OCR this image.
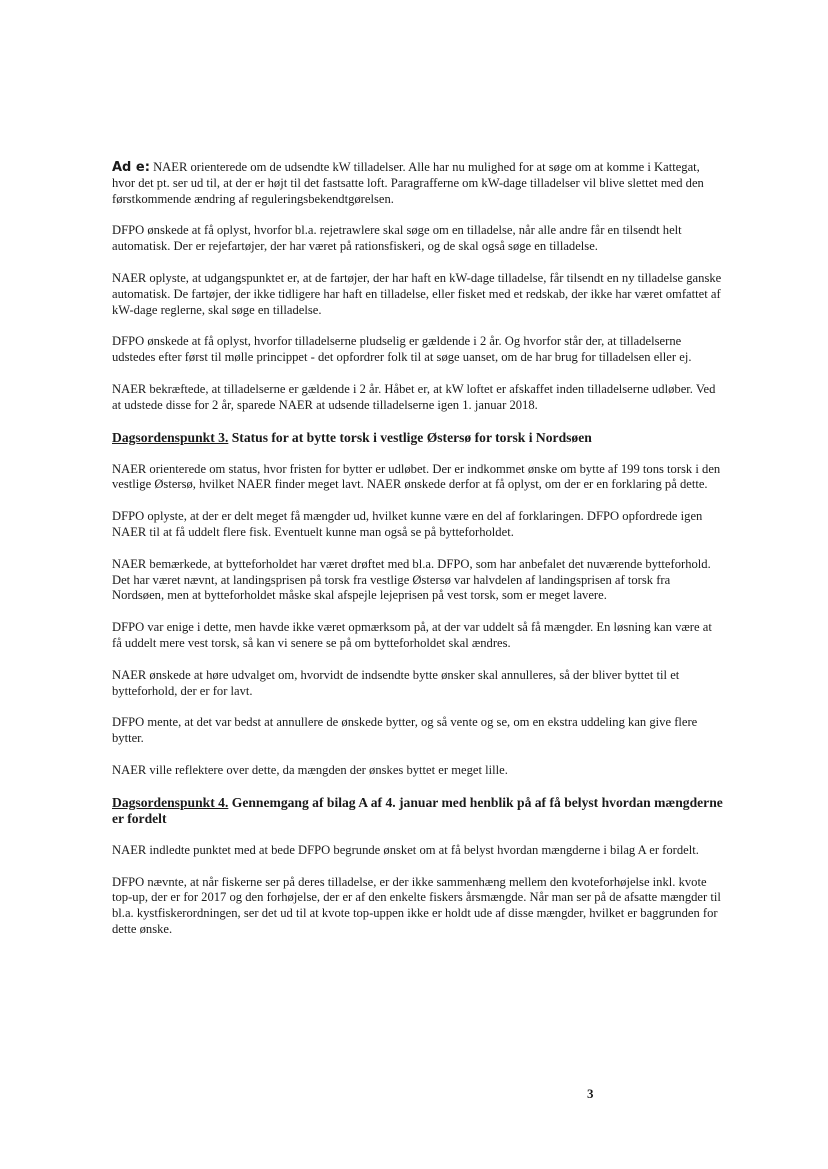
Ad e: NAER orienterede om de udsendte kW tilladelser. Alle har nu mulighed for at søge om at komme i Kattegat, hvor det pt. ser ud til, at der er højt til det fastsatte loft. Paragrafferne om kW-dage tilladelser vil blive slettet med den førstkommende ændring af reguleringsbekendtgørelsen.

DFPO ønskede at få oplyst, hvorfor bl.a. rejetrawlere skal søge om en tilladelse, når alle andre får en tilsendt helt automatisk. Der er rejefartøjer, der har været på rationsfiskeri, og de skal også søge en tilladelse.

NAER oplyste, at udgangspunktet er, at de fartøjer, der har haft en kW-dage tilladelse, får tilsendt en ny tilladelse ganske automatisk. De fartøjer, der ikke tidligere har haft en tilladelse, eller fisket med et redskab, der ikke har været omfattet af kW-dage reglerne, skal søge en tilladelse.

DFPO ønskede at få oplyst, hvorfor tilladelserne pludselig er gældende i 2 år. Og hvorfor står der, at tilladelserne udstedes efter først til mølle princippet - det opfordrer folk til at søge uanset, om de har brug for tilladelsen eller ej.

NAER bekræftede, at tilladelserne er gældende i 2 år. Håbet er, at kW loftet er afskaffet inden tilladelserne udløber. Ved at udstede disse for 2 år, sparede NAER at udsende tilladelserne igen 1. januar 2018.

Dagsordenspunkt 3. Status for at bytte torsk i vestlige Østersø for torsk i Nordsøen

NAER orienterede om status, hvor fristen for bytter er udløbet. Der er indkommet ønske om bytte af 199 tons torsk i den vestlige Østersø, hvilket NAER finder meget lavt. NAER ønskede derfor at få oplyst, om der er en forklaring på dette.

DFPO oplyste, at der er delt meget få mængder ud, hvilket kunne være en del af forklaringen. DFPO opfordrede igen NAER til at få uddelt flere fisk. Eventuelt kunne man også se på bytteforholdet.

NAER bemærkede, at bytteforholdet har været drøftet med bl.a. DFPO, som har anbefalet det nuværende bytteforhold. Det har været nævnt, at landingsprisen på torsk fra vestlige Østersø var halvdelen af landingsprisen af torsk fra Nordsøen, men at bytteforholdet måske skal afspejle lejeprisen på vest torsk, som er meget lavere.

DFPO var enige i dette, men havde ikke været opmærksom på, at der var uddelt så få mængder. En løsning kan være at få uddelt mere vest torsk, så kan vi senere se på om bytteforholdet skal ændres.

NAER ønskede at høre udvalget om, hvorvidt de indsendte bytte ønsker skal annulleres, så der bliver byttet til et bytteforhold, der er for lavt.

DFPO mente, at det var bedst at annullere de ønskede bytter, og så vente og se, om en ekstra uddeling kan give flere bytter.

NAER ville reflektere over dette, da mængden der ønskes byttet er meget lille.

Dagsordenspunkt 4. Gennemgang af bilag A af 4. januar med henblik på af få belyst hvordan mængderne er fordelt

NAER indledte punktet med at bede DFPO begrunde ønsket om at få belyst hvordan mængderne i bilag A er fordelt.

DFPO nævnte, at når fiskerne ser på deres tilladelse, er der ikke sammenhæng mellem den kvoteforhøjelse inkl. kvote top-up, der er for 2017 og den forhøjelse, der er af den enkelte fiskers årsmængde. Når man ser på de afsatte mængder til bl.a. kystfiskerordningen, ser det ud til at kvote top-uppen ikke er holdt ude af disse mængder, hvilket er baggrunden for dette ønske.

3
